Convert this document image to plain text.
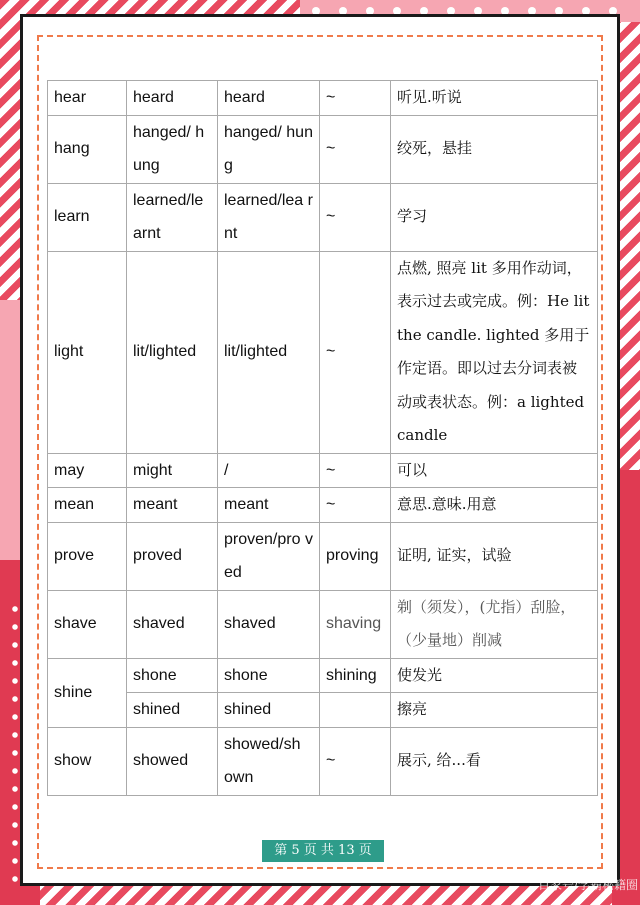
hear	heard	heard	~	听见.听说
hang	hanged/ hung	hanged/ hung	~	绞死，悬挂
learn	learned/le arnt	learned/lea rnt	~	学习
light	lit/lighted	lit/lighted	~	点燃, 照亮 lit 多用作动词，表示过去或完成。例：He lit the candle. lighted 多用于作定语。即以过去分词表被动或表状态。例：a lighted candle
may	might	/	~	可以
mean	meant	meant	~	意思.意味.用意
prove	proved	proven/pro ved	proving	证明, 证实，试验
shave	shaved	shaved	shaving	剃（须发），(尤指）刮脸，（少量地）削减
shine	shone	shone	shining	使发光
	shined	shined		擦亮
show	showed	showed/sh own	~	展示, 给...看
第 5 页 共 13 页
百家号/学霸秘籍圈
